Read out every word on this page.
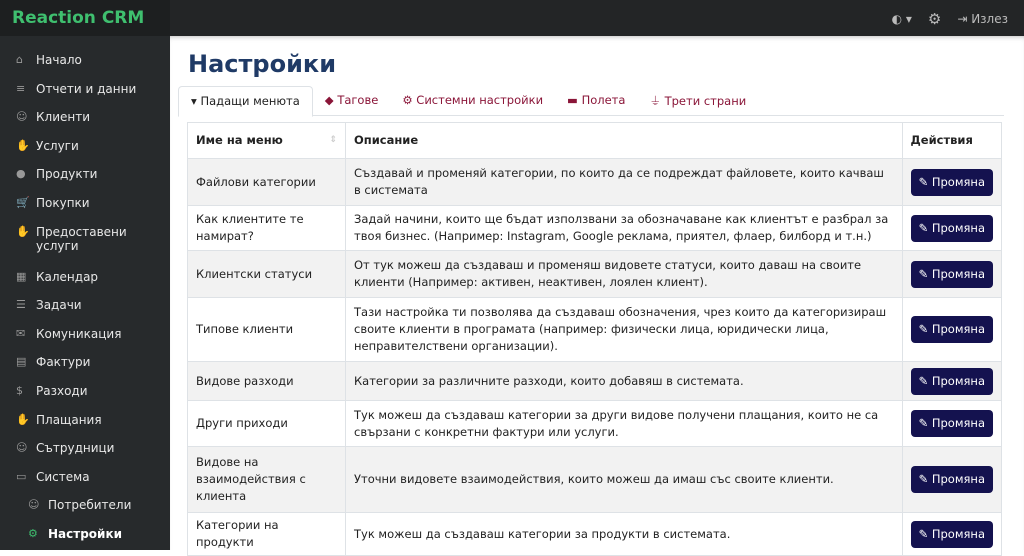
Reaction CRM	◐ ▾ ⚙ ⇥ Излез
⌂	Начало
≡ Отчети и данни
☺ Клиенти
✋ Услуги
● Продукти
🛒 Покупки
✋ Предоставени услуги
▦ Календар
☰ Задачи
✉ Комуникация
▤ Фактури
$	Разходи
✋ Плащания
☺ Сътрудници
▭ Система
☺ Потребители
⚙ Настройки
Настройки
▾ Падащи менюта	◆ Тагове	⚙ Системни настройки	▬ Полета	⏚ Трети страни
Име на меню ⇕	Описание	Действия
Файлови категории	Създавай и променяй категории, по които да се подреждат файловете, които качваш в системата	✎ Промяна
Как клиентите те намират?	Задай начини, които ще бъдат използвани за обозначаване как клиентът е разбрал за твоя бизнес. (Например: Instagram, Google реклама, приятел, флаер, билборд и т.н.)	✎ Промяна
Клиентски статуси	От тук можеш да създаваш и променяш видовете статуси, които даваш на своите клиенти (Например: активен, неактивен, лоялен клиент).	✎ Промяна
Типове клиенти	Тази настройка ти позволява да създаваш обозначения, чрез които да категоризираш своите клиенти в програмата (например: физически лица, юридически лица, неправителствени организации).	✎ Промяна
Видове разходи	Категории за различните разходи, които добавяш в системата.	✎ Промяна
Други приходи	Тук можеш да създаваш категории за други видове получени плащания, които не са свързани с конкретни фактури или услуги.	✎ Промяна
Видове на взаимодействия с клиента	Уточни видовете взаимодействия, които можеш да имаш със своите клиенти.	✎ Промяна
Категории на продукти	Тук можеш да създаваш категории за продукти в системата.	✎ Промяна
